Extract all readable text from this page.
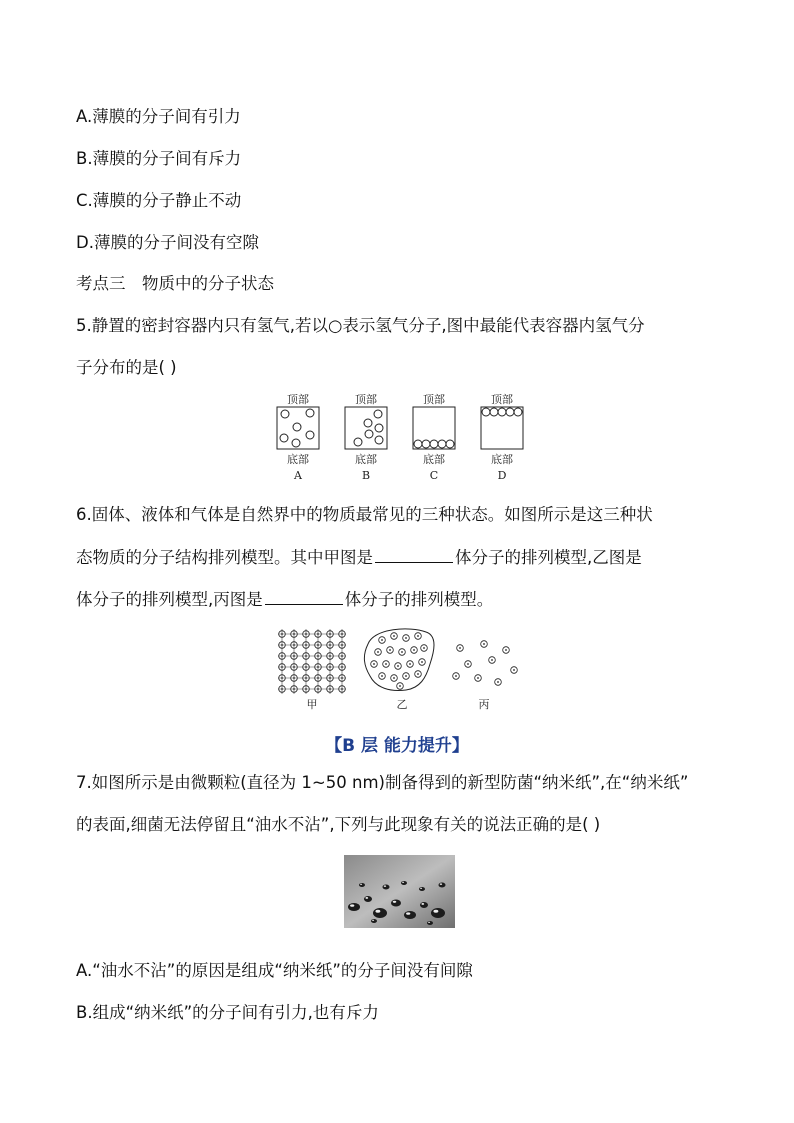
A.薄膜的分子间有引力
B.薄膜的分子间有斥力
C.薄膜的分子静止不动
D.薄膜的分子间没有空隙
考点三　物质中的分子状态
5.静置的密封容器内只有氢气,若以○表示氢气分子,图中最能代表容器内氢气分
子分布的是( )
顶部
底部
A
顶部
底部
B
顶部
底部
C
顶部
底部
D
6.固体、液体和气体是自然界中的物质最常见的三种状态。如图所示是这三种状
态物质的分子结构排列模型。其中甲图是	体分子的排列模型,乙图是
体分子的排列模型,丙图是	体分子的排列模型。
甲	乙	丙
【B 层 能力提升】
7.如图所示是由微颗粒(直径为 1~50 nm)制备得到的新型防菌“纳米纸”,在“纳米纸”
的表面,细菌无法停留且“油水不沾”,下列与此现象有关的说法正确的是( )
A.“油水不沾”的原因是组成“纳米纸”的分子间没有间隙
B.组成“纳米纸”的分子间有引力,也有斥力
